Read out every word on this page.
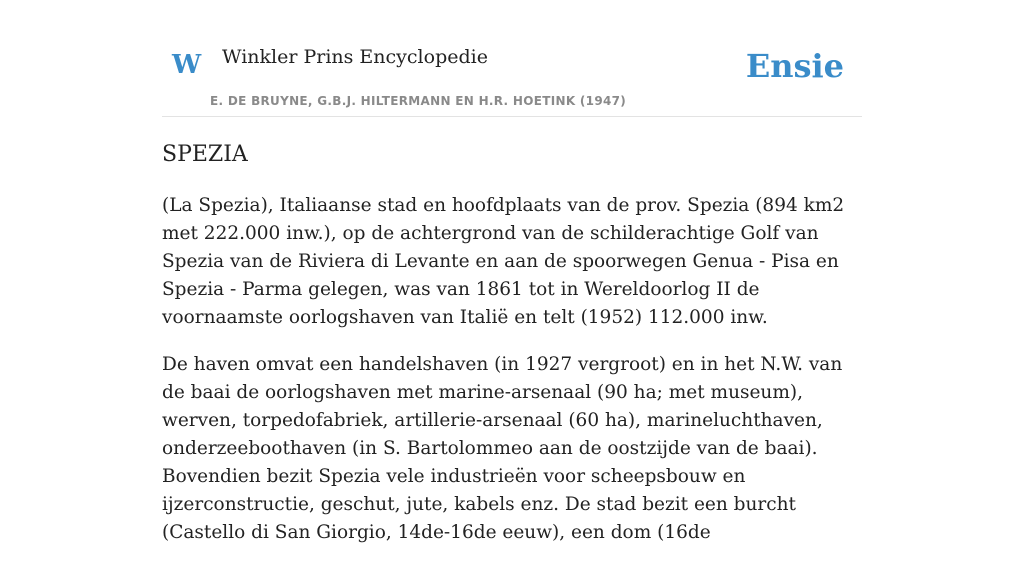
W Winkler Prins Encyclopedie
E. DE BRUYNE, G.B.J. HILTERMANN EN H.R. HOETINK (1947)
Ensie
SPEZIA

(La Spezia), Italiaanse stad en hoofdplaats van de prov. Spezia (894 km2 met 222.000 inw.), op de achtergrond van de schilderachtige Golf van Spezia van de Riviera di Levante en aan de spoorwegen Genua - Pisa en Spezia - Parma gelegen, was van 1861 tot in Wereldoorlog II de voornaamste oorlogshaven van Italië en telt (1952) 112.000 inw.

De haven omvat een handelshaven (in 1927 vergroot) en in het N.W. van de baai de oorlogshaven met marine-arsenaal (90 ha; met museum), werven, torpedofabriek, artillerie-arsenaal (60 ha), marineluchthaven, onderzeeboothaven (in S. Bartolommeo aan de oostzijde van de baai). Bovendien bezit Spezia vele industrieën voor scheepsbouw en ijzerconstructie, geschut, jute, kabels enz. De stad bezit een burcht (Castello di San Giorgio, 14de-16de eeuw), een dom (16de
